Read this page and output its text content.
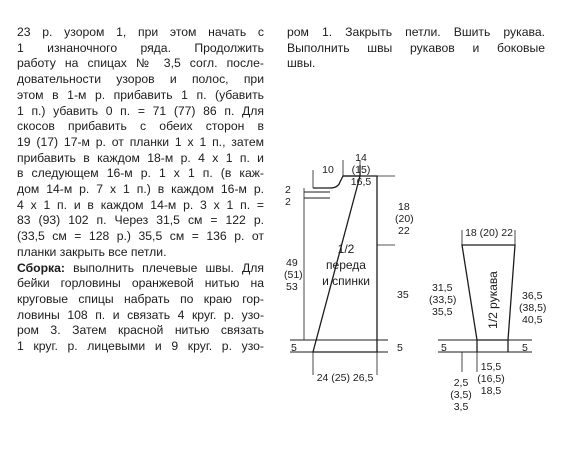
23 р. узором 1, при этом начать с
1 изнаночного ряда. Продолжить
работу на спицах № 3,5 согл. после-
довательности узоров и полос, при
этом в 1-м р. прибавить 1 п. (убавить
1 п.) убавить 0 п. = 71 (77) 86 п. Для
скосов прибавить с обеих сторон в
19 (17) 17-м р. от планки 1 х 1 п., затем
прибавить в каждом 18-м р. 4 х 1 п. и
в следующем 16-м р. 1 х 1 п. (в каж-
дом 14-м р. 7 х 1 п.) в каждом 16-м р.
4 х 1 п. и в каждом 14-м р. 3 х 1 п. =
83 (93) 102 п. Через 31,5 см = 122 р.
(33,5 см = 128 р.) 35,5 см = 136 р. от
планки закрыть все петли.
Сборка: выполнить плечевые швы. Для
бейки горловины оранжевой нитью на
круговые спицы набрать по краю гор-
ловины 108 п. и связать 4 круг. р. узо-
ром 3. Затем красной нитью связать
1 круг. р. лицевыми и 9 круг. р. узо-
ром 1. Закрыть петли. Вшить рукава.
Выполнить швы рукавов и боковые
швы.
1/2
переда
и спинки
10
14
(15)
16,5
2
2	18
(20)
22
49
(51)
53
35
5	5
24 (25) 26,5
1/2 рукава
18 (20) 22
31,5
(33,5)
35,5
36,5
(38,5)
40,5
5	5
15,5
(16,5)
18,5
2,5
(3,5)
3,5
